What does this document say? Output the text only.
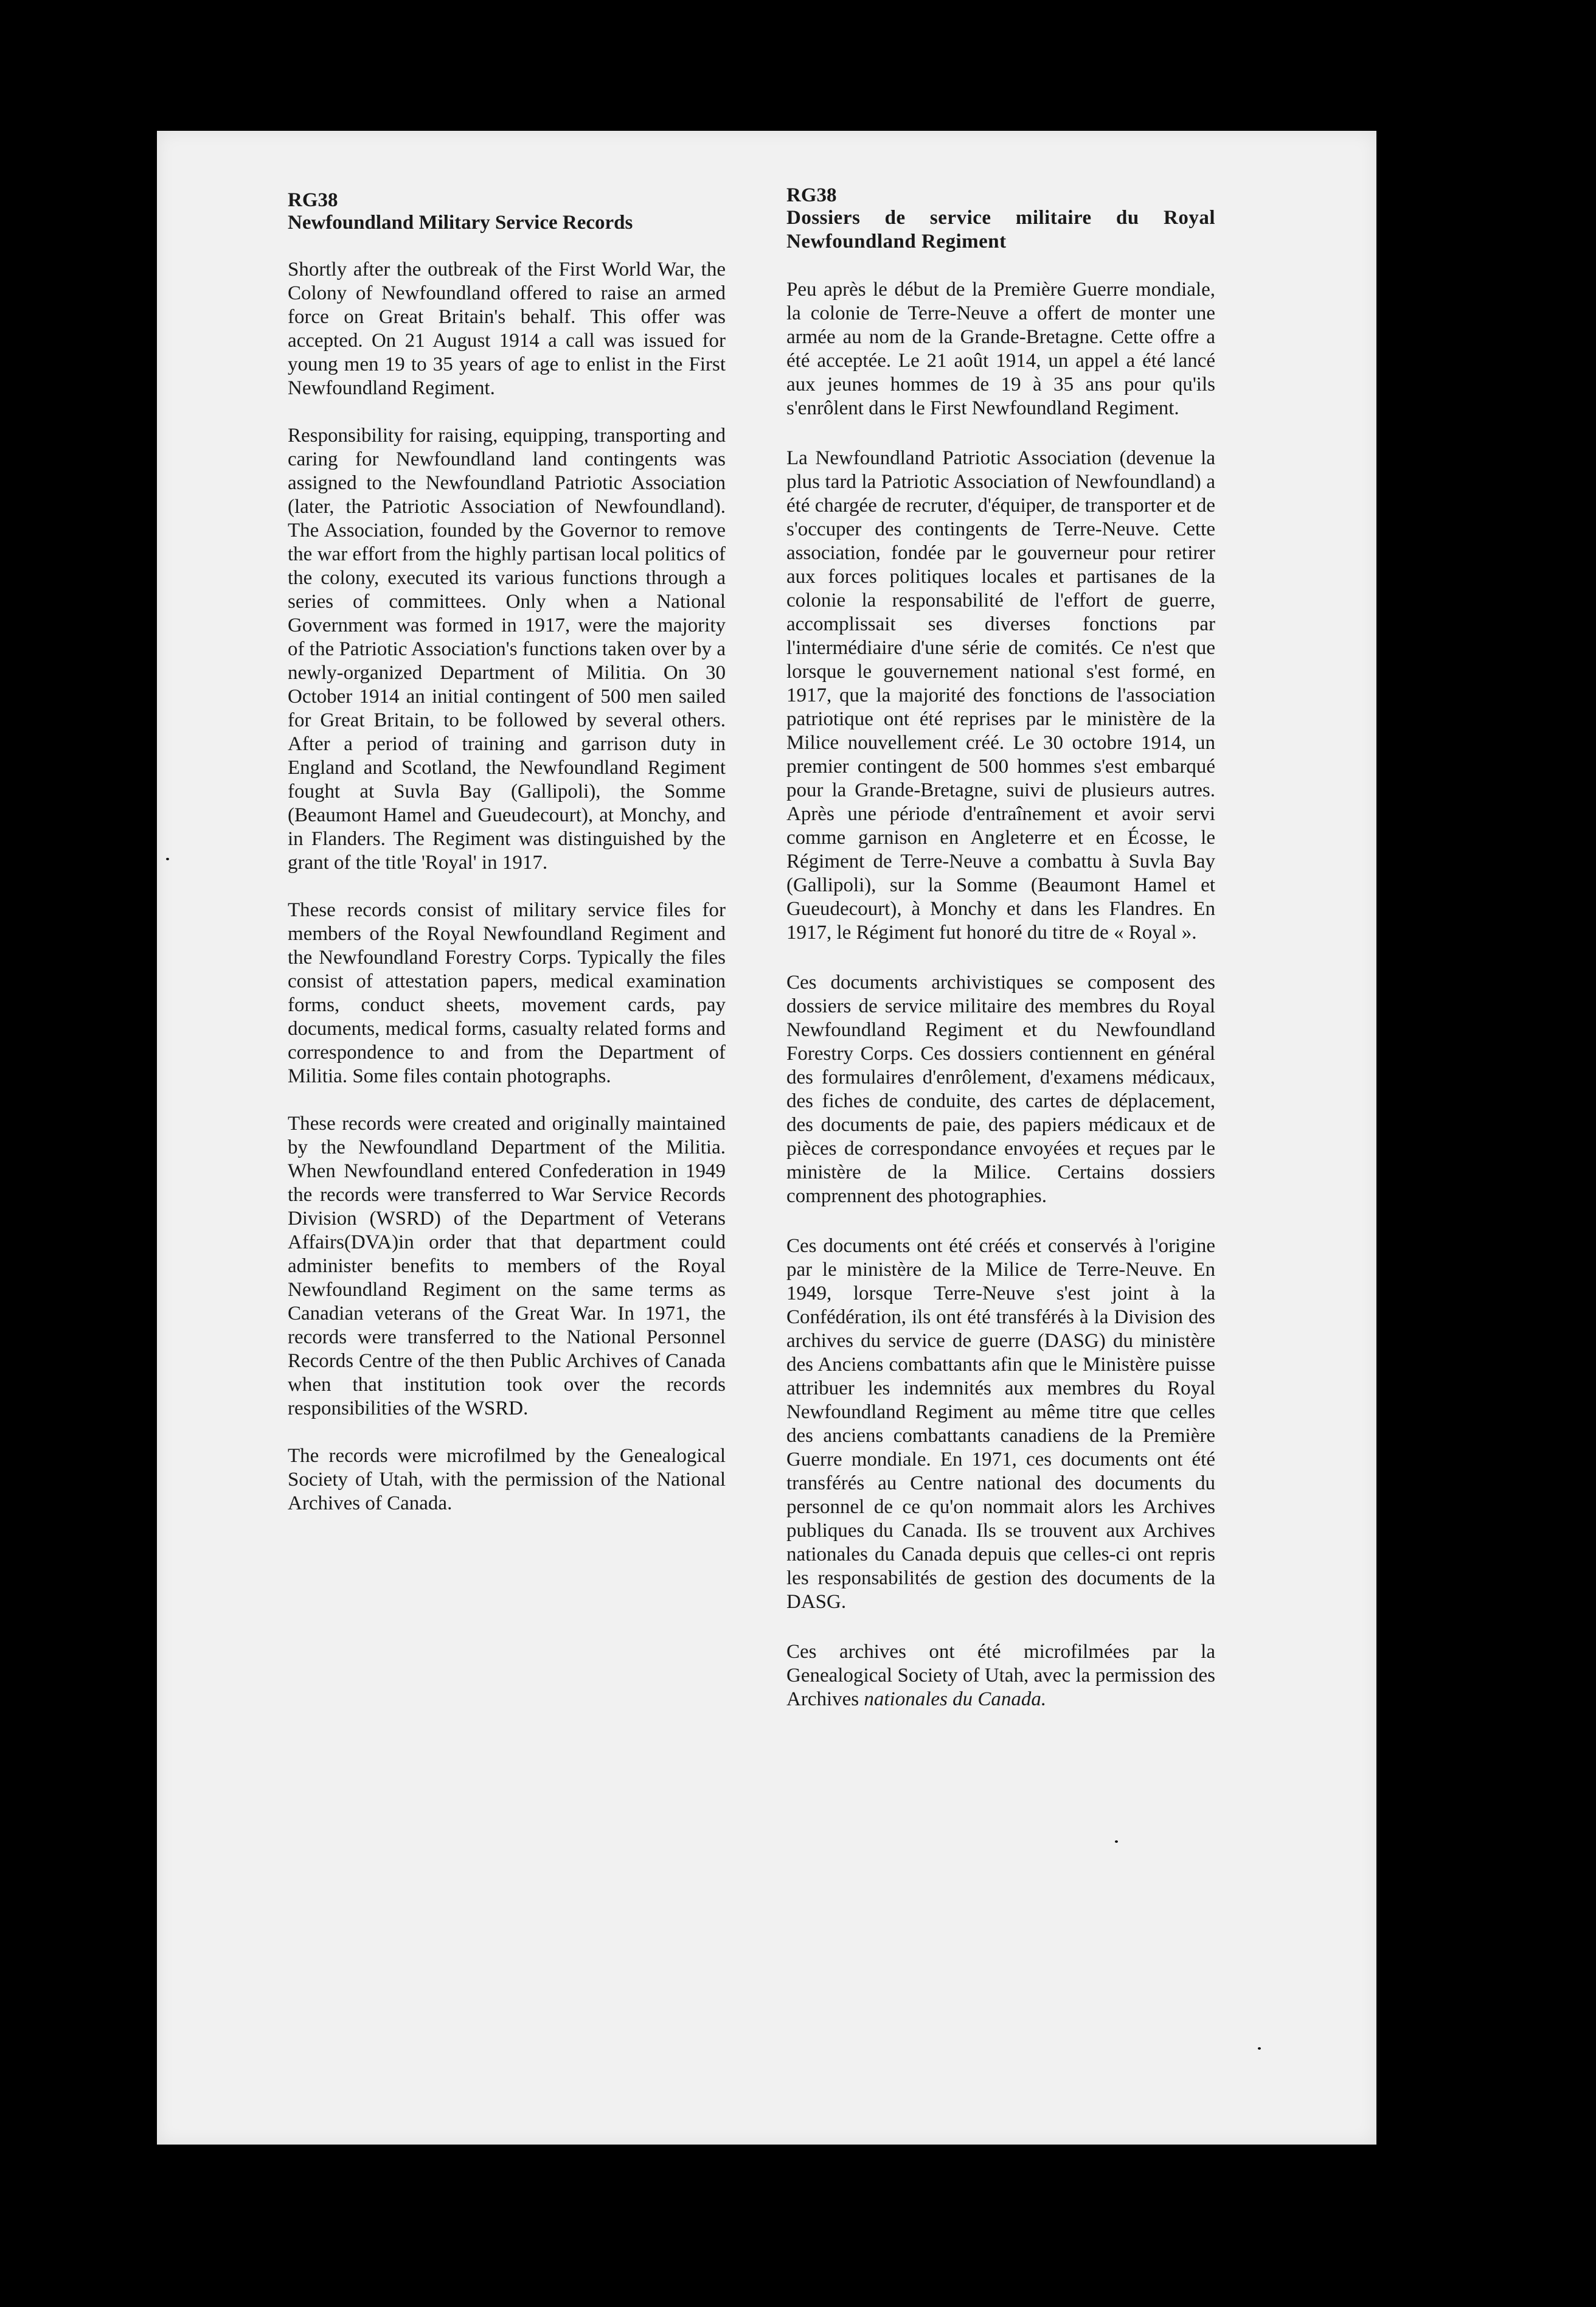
RG38
Newfoundland Military Service Records

Shortly after the outbreak of the First World War, the Colony of Newfoundland offered to raise an armed force on Great Britain's behalf. This offer was accepted. On 21 August 1914 a call was issued for young men 19 to 35 years of age to enlist in the First Newfoundland Regiment.

Responsibility for raising, equipping, transporting and caring for Newfoundland land contingents was assigned to the Newfoundland Patriotic Association (later, the Patriotic Association of Newfoundland). The Association, founded by the Governor to remove the war effort from the highly partisan local politics of the colony, executed its various functions through a series of committees. Only when a National Government was formed in 1917, were the majority of the Patriotic Association's functions taken over by a newly-organized Department of Militia. On 30 October 1914 an initial contingent of 500 men sailed for Great Britain, to be followed by several others. After a period of training and garrison duty in England and Scotland, the Newfoundland Regiment fought at Suvla Bay (Gallipoli), the Somme (Beaumont Hamel and Gueudecourt), at Monchy, and in Flanders. The Regiment was distinguished by the grant of the title 'Royal' in 1917.

These records consist of military service files for members of the Royal Newfoundland Regiment and the Newfoundland Forestry Corps. Typically the files consist of attestation papers, medical examination forms, conduct sheets, movement cards, pay documents, medical forms, casualty related forms and correspondence to and from the Department of Militia. Some files contain photographs.

These records were created and originally maintained by the Newfoundland Department of the Militia. When Newfoundland entered Confederation in 1949 the records were transferred to War Service Records Division (WSRD) of the Department of Veterans Affairs(DVA)in order that that department could administer benefits to members of the Royal Newfoundland Regiment on the same terms as Canadian veterans of the Great War. In 1971, the records were transferred to the National Personnel Records Centre of the then Public Archives of Canada when that institution took over the records responsibilities of the WSRD.

The records were microfilmed by the Genealogical Society of Utah, with the permission of the National Archives of Canada.

RG38
Dossiers de service militaire du Royal Newfoundland Regiment

Peu après le début de la Première Guerre mondiale, la colonie de Terre-Neuve a offert de monter une armée au nom de la Grande-Bretagne. Cette offre a été acceptée. Le 21 août 1914, un appel a été lancé aux jeunes hommes de 19 à 35 ans pour qu'ils s'enrôlent dans le First Newfoundland Regiment.

La Newfoundland Patriotic Association (devenue la plus tard la Patriotic Association of Newfoundland) a été chargée de recruter, d'équiper, de transporter et de s'occuper des contingents de Terre-Neuve. Cette association, fondée par le gouverneur pour retirer aux forces politiques locales et partisanes de la colonie la responsabilité de l'effort de guerre, accomplissait ses diverses fonctions par l'intermédiaire d'une série de comités. Ce n'est que lorsque le gouvernement national s'est formé, en 1917, que la majorité des fonctions de l'association patriotique ont été reprises par le ministère de la Milice nouvellement créé. Le 30 octobre 1914, un premier contingent de 500 hommes s'est embarqué pour la Grande-Bretagne, suivi de plusieurs autres. Après une période d'entraînement et avoir servi comme garnison en Angleterre et en Écosse, le Régiment de Terre-Neuve a combattu à Suvla Bay (Gallipoli), sur la Somme (Beaumont Hamel et Gueudecourt), à Monchy et dans les Flandres. En 1917, le Régiment fut honoré du titre de « Royal ».

Ces documents archivistiques se composent des dossiers de service militaire des membres du Royal Newfoundland Regiment et du Newfoundland Forestry Corps. Ces dossiers contiennent en général des formulaires d'enrôlement, d'examens médicaux, des fiches de conduite, des cartes de déplacement, des documents de paie, des papiers médicaux et de pièces de correspondance envoyées et reçues par le ministère de la Milice. Certains dossiers comprennent des photographies.

Ces documents ont été créés et conservés à l'origine par le ministère de la Milice de Terre-Neuve. En 1949, lorsque Terre-Neuve s'est joint à la Confédération, ils ont été transférés à la Division des archives du service de guerre (DASG) du ministère des Anciens combattants afin que le Ministère puisse attribuer les indemnités aux membres du Royal Newfoundland Regiment au même titre que celles des anciens combattants canadiens de la Première Guerre mondiale. En 1971, ces documents ont été transférés au Centre national des documents du personnel de ce qu'on nommait alors les Archives publiques du Canada. Ils se trouvent aux Archives nationales du Canada depuis que celles-ci ont repris les responsabilités de gestion des documents de la DASG.

Ces archives ont été microfilmées par la Genealogical Society of Utah, avec la permission des Archives nationales du Canada.
